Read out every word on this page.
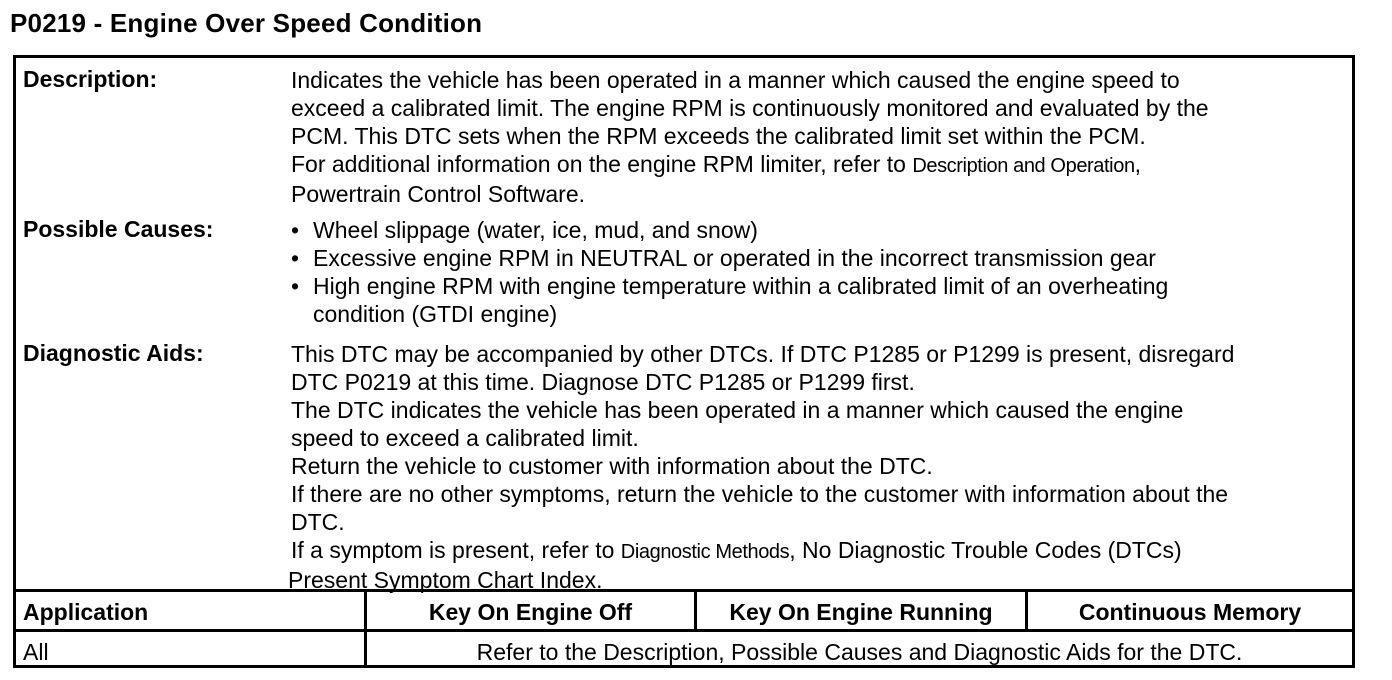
P0219 - Engine Over Speed Condition
Description:	Indicates the vehicle has been operated in a manner which caused the engine speed to
exceed a calibrated limit. The engine RPM is continuously monitored and evaluated by the
PCM. This DTC sets when the RPM exceeds the calibrated limit set within the PCM.
For additional information on the engine RPM limiter, refer to Description and Operation,
Powertrain Control Software.
Possible Causes:	• Wheel slippage (water, ice, mud, and snow)
• Excessive engine RPM in NEUTRAL or operated in the incorrect transmission gear
• High engine RPM with engine temperature within a calibrated limit of an overheating
condition (GTDI engine)
Diagnostic Aids:	This DTC may be accompanied by other DTCs. If DTC P1285 or P1299 is present, disregard
DTC P0219 at this time. Diagnose DTC P1285 or P1299 first.
The DTC indicates the vehicle has been operated in a manner which caused the engine
speed to exceed a calibrated limit.
Return the vehicle to customer with information about the DTC.
If there are no other symptoms, return the vehicle to the customer with information about the
DTC.
If a symptom is present, refer to Diagnostic Methods, No Diagnostic Trouble Codes (DTCs)
Present Symptom Chart Index.
Application	Key On Engine Off	Key On Engine Running	Continuous Memory
All	Refer to the Description, Possible Causes and Diagnostic Aids for the DTC.
